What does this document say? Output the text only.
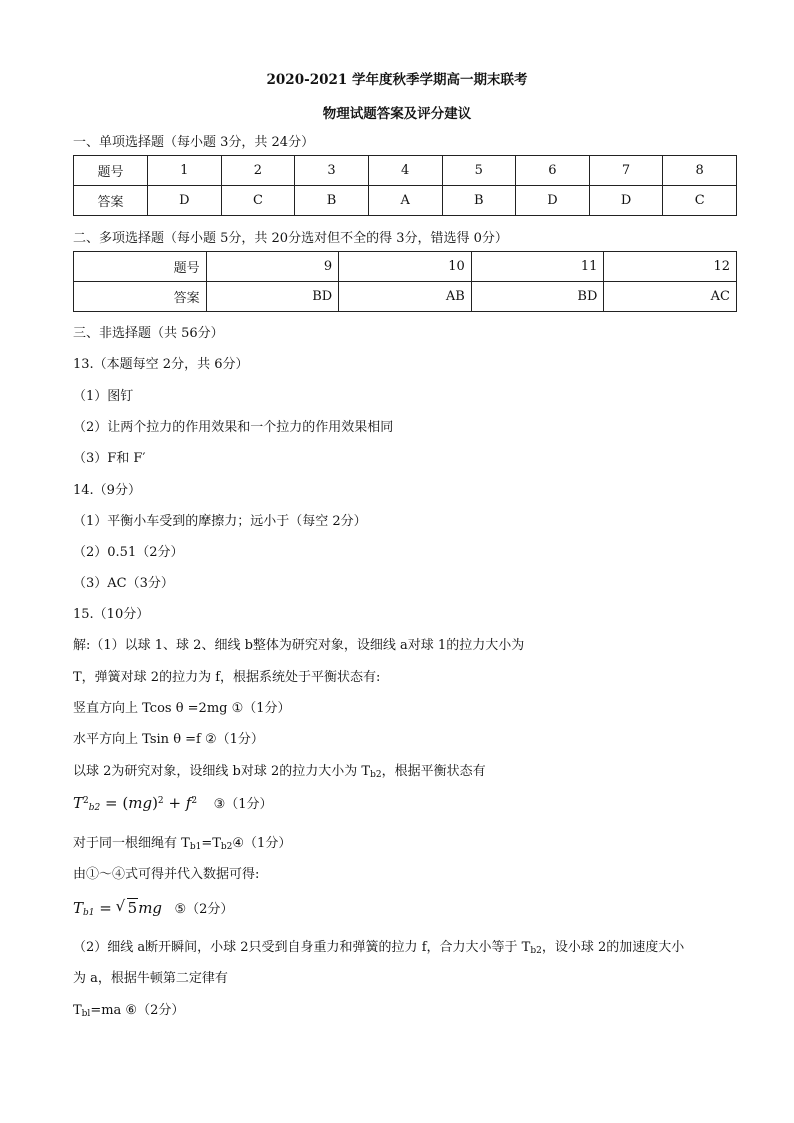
2020-2021 学年度秋季学期高一期末联考
物理试题答案及评分建议
一、单项选择题（每小题 3分，共 24分）
题号	1	2	3	4	5	6	7	8
答案	D	C	B	A	B	D	D	C
二、多项选择题（每小题 5分，共 20分选对但不全的得 3分，错选得 0分）
题号	9	10	11	12
答案	BD	AB	BD	AC
三、非选择题（共 56分）
13.（本题每空 2分，共 6分）
（1）图钉
（2）让两个拉力的作用效果和一个拉力的作用效果相同
（3）F和 F′
14.（9分）
（1）平衡小车受到的摩擦力；远小于（每空 2分）
（2）0.51（2分）
（3）AC（3分）
15.（10分）
解:（1）以球 1、球 2、细线 b整体为研究对象，设细线 a对球 1的拉力大小为
T，弹簧对球 2的拉力为 f，根据系统处于平衡状态有:
竖直方向上 Tcos θ =2mg ①（1分）
水平方向上 Tsin θ =f ②（1分）
以球 2为研究对象，设细线 b对球 2的拉力大小为 $T_{b2}$，根据平衡状态有
$T^2_{b2} = (mg)^2 + f^2$ ③（1分）
对于同一根细绳有 $T_{b1}=T_{b2}④(1$分）
由①～④式可得并代入数据可得:
$T_{b1}$ = √ 5mg ⑤（2分）
（2）细线 a断开瞬间，小球 2只受到自身重力和弹簧的拉力 f，合力大小等于 $T_{b2}$，设小球 2的加速度大小
为 a，根据牛顿第二定律有
$T_{bl}=ma$ ⑥（2分）
